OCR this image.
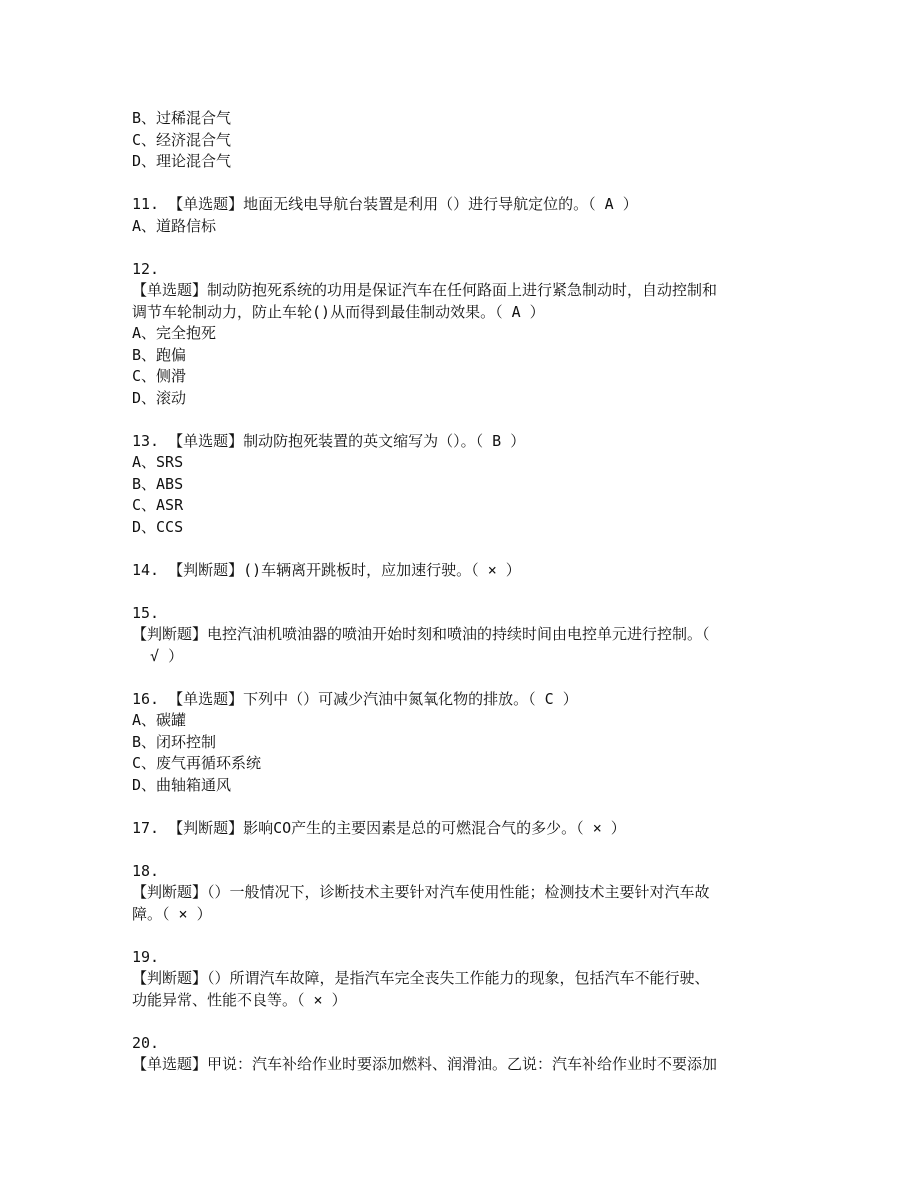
B、过稀混合气
C、经济混合气
D、理论混合气
11. 【单选题】地面无线电导航台装置是利用（）进行导航定位的。（ A ）
A、道路信标
12.
【单选题】制动防抱死系统的功用是保证汽车在任何路面上进行紧急制动时，自动控制和
调节车轮制动力，防止车轮()从而得到最佳制动效果。（ A ）
A、完全抱死
B、跑偏
C、侧滑
D、滚动
13. 【单选题】制动防抱死装置的英文缩写为（）。（ B ）
A、SRS
B、ABS
C、ASR
D、CCS
14. 【判断题】()车辆离开跳板时，应加速行驶。（ × ）
15.
【判断题】电控汽油机喷油器的喷油开始时刻和喷油的持续时间由电控单元进行控制。（
√ ）
16. 【单选题】下列中（）可减少汽油中氮氧化物的排放。（ C ）
A、碳罐
B、闭环控制
C、废气再循环系统
D、曲轴箱通风
17. 【判断题】影响CO产生的主要因素是总的可燃混合气的多少。（ × ）
18.
【判断题】（）一般情况下，诊断技术主要针对汽车使用性能；检测技术主要针对汽车故
障。（ × ）
19.
【判断题】（）所谓汽车故障，是指汽车完全丧失工作能力的现象，包括汽车不能行驶、
功能异常、性能不良等。（ × ）
20.
【单选题】甲说：汽车补给作业时要添加燃料、润滑油。乙说：汽车补给作业时不要添加
